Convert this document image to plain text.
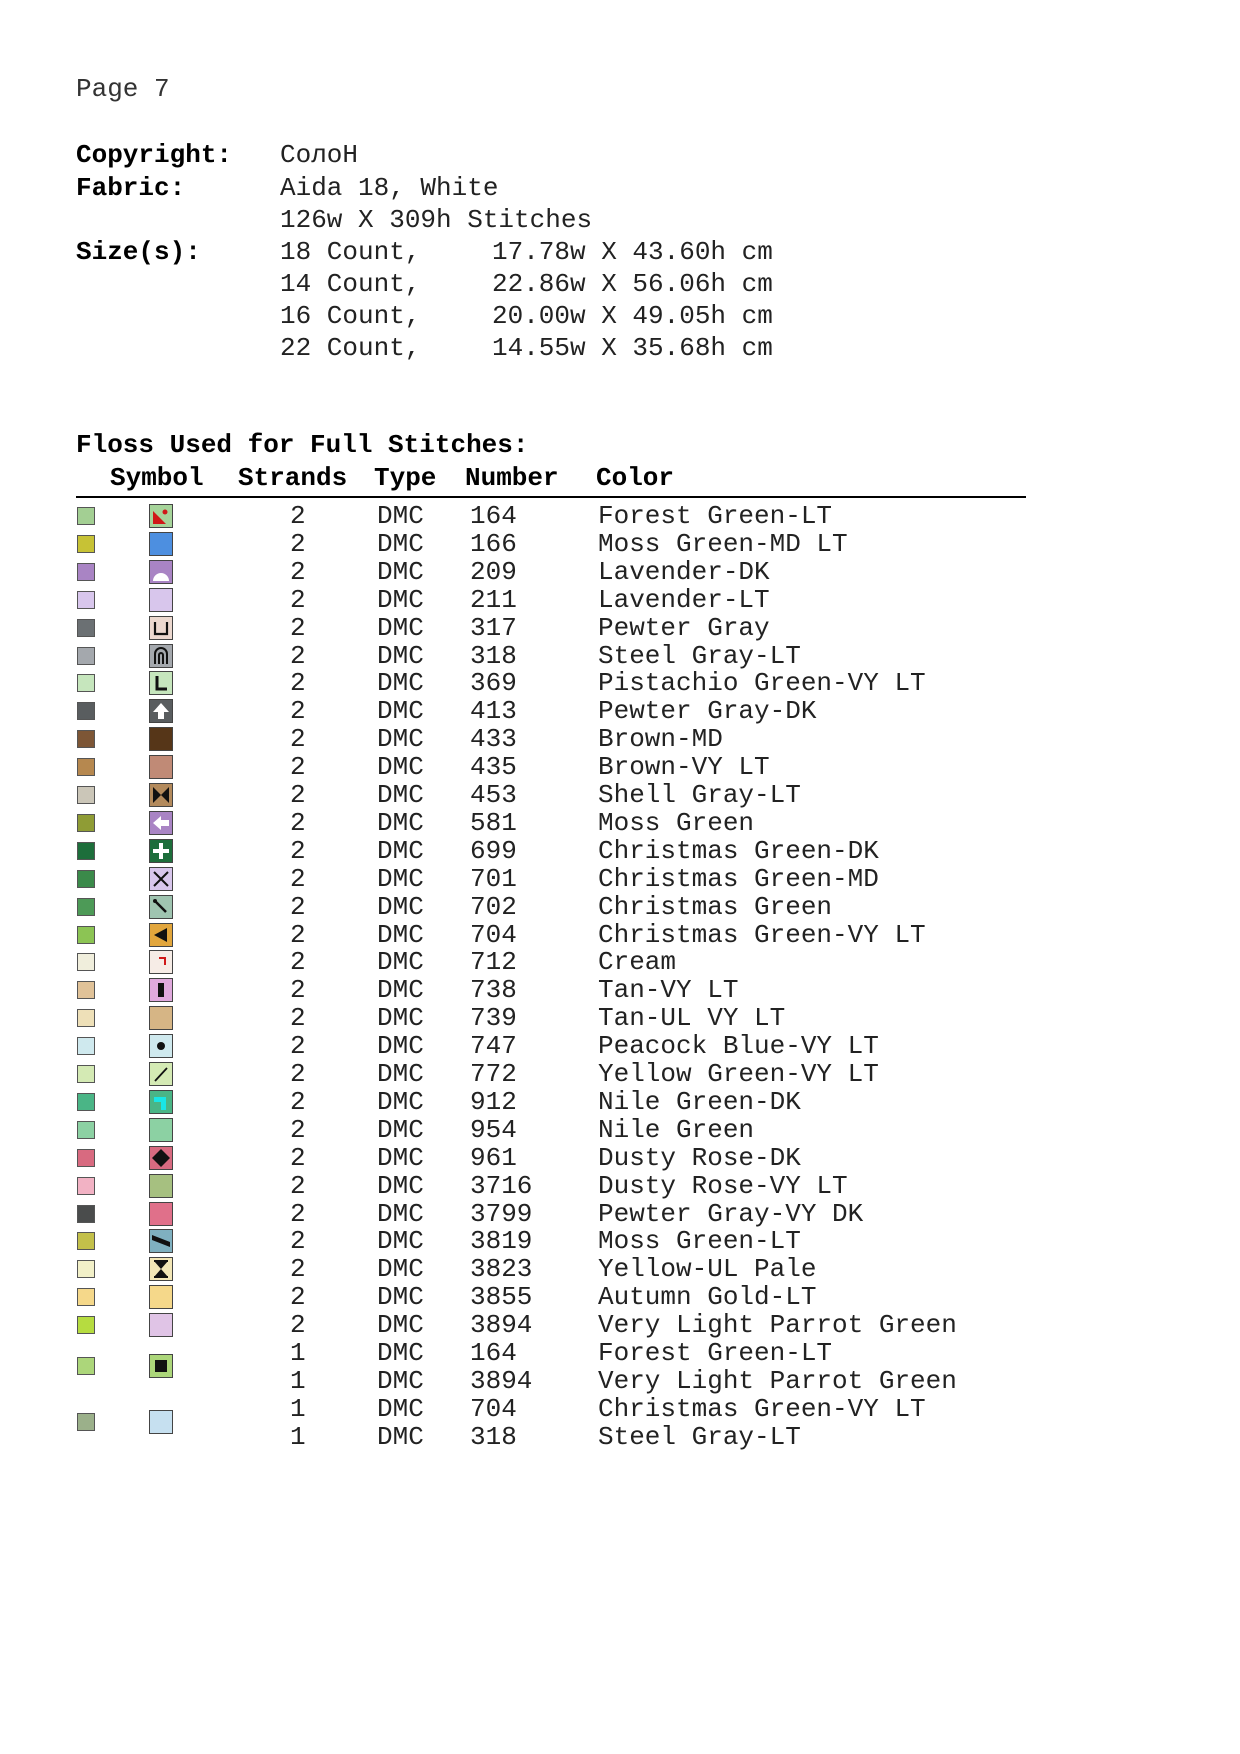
Page 7
Copyright: СолоН
Fabric:	Aida 18, White
126w X 309h Stitches
Size(s):	18 Count,	17.78w X 43.60h cm
14 Count,	22.86w X 56.06h cm
16 Count,	20.00w X 49.05h cm
22 Count,	14.55w X 35.68h cm
Floss Used for Full Stitches:
Symbol Strands Type Number Color
2	DMC 164	Forest Green-LT
2	DMC 166	Moss Green-MD LT
2	DMC 209	Lavender-DK
2	DMC 211	Lavender-LT
2	DMC 317	Pewter Gray
2	DMC 318	Steel Gray-LT
2	DMC 369	Pistachio Green-VY LT
2	DMC 413	Pewter Gray-DK
2	DMC 433	Brown-MD
2	DMC 435	Brown-VY LT
2	DMC 453	Shell Gray-LT
2	DMC 581	Moss Green
2	DMC 699	Christmas Green-DK
2	DMC 701	Christmas Green-MD
2	DMC 702	Christmas Green
2	DMC 704	Christmas Green-VY LT
2	DMC 712	Cream
2	DMC 738	Tan-VY LT
2	DMC 739	Tan-UL VY LT
2	DMC 747	Peacock Blue-VY LT
2	DMC 772	Yellow Green-VY LT
2	DMC 912	Nile Green-DK
2	DMC 954	Nile Green
2	DMC 961	Dusty Rose-DK
2	DMC 3716	Dusty Rose-VY LT
2	DMC 3799	Pewter Gray-VY DK
2	DMC 3819	Moss Green-LT
2	DMC 3823	Yellow-UL Pale
2	DMC 3855	Autumn Gold-LT
2	DMC 3894	Very Light Parrot Green
1	DMC 164	Forest Green-LT
1	DMC 3894	Very Light Parrot Green
1	DMC 704	Christmas Green-VY LT
1	DMC 318	Steel Gray-LT
